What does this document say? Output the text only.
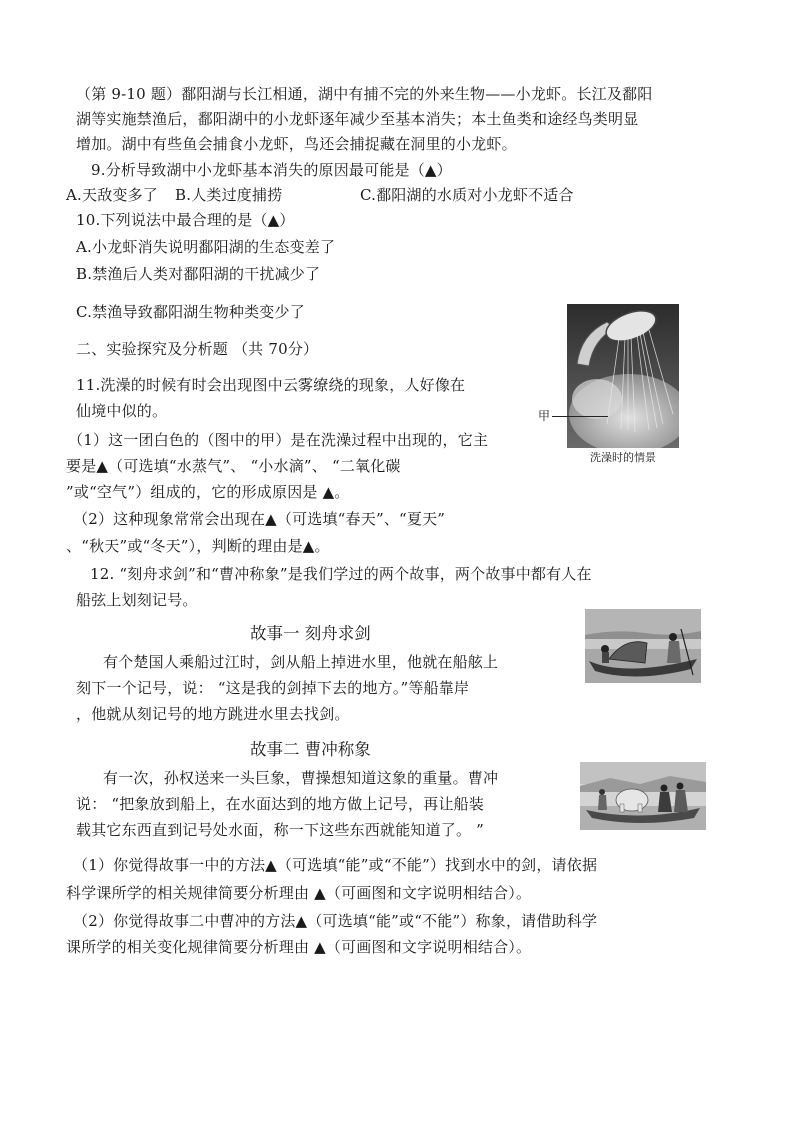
（第 9-10 题）鄱阳湖与长江相通，湖中有捕不完的外来生物——小龙虾。长江及鄱阳
湖等实施禁渔后，鄱阳湖中的小龙虾逐年减少至基本消失；本土鱼类和途经鸟类明显
增加。湖中有些鱼会捕食小龙虾，鸟还会捕捉藏在洞里的小龙虾。
9.分析导致湖中小龙虾基本消失的原因最可能是（▲）
A.天敌变多了 B.人类过度捕捞	C.鄱阳湖的水质对小龙虾不适合
10.下列说法中最合理的是（▲）
A.小龙虾消失说明鄱阳湖的生态变差了
B.禁渔后人类对鄱阳湖的干扰减少了
C.禁渔导致鄱阳湖生物种类变少了
二、实验探究及分析题 （共 70分）
11.洗澡的时候有时会出现图中云雾缭绕的现象，人好像在
仙境中似的。
（1）这一团白色的（图中的甲）是在洗澡过程中出现的，它主
要是▲（可选填“水蒸气”、 “小水滴”、 “二氧化碳
”或“空气”）组成的，它的形成原因是 ▲。
（2）这种现象常常会出现在▲（可选填“春天”、“夏天”
、“秋天”或“冬天”），判断的理由是▲。
甲
洗澡时的情景
12. “刻舟求剑”和“曹冲称象”是我们学过的两个故事，两个故事中都有人在
船弦上划刻记号。
故事一 刻舟求剑
有个楚国人乘船过江时，剑从船上掉进水里，他就在船舷上
刻下一个记号，说： “这是我的剑掉下去的地方。”等船靠岸
，他就从刻记号的地方跳进水里去找剑。
故事二 曹冲称象
有一次，孙权送来一头巨象，曹操想知道这象的重量。曹冲
说： “把象放到船上，在水面达到的地方做上记号，再让船装
载其它东西直到记号处水面，称一下这些东西就能知道了。 ”
（1）你觉得故事一中的方法▲（可选填“能”或“不能”）找到水中的剑，请依据
科学课所学的相关规律简要分析理由 ▲（可画图和文字说明相结合）。
（2）你觉得故事二中曹冲的方法▲（可选填“能”或“不能”）称象，请借助科学
课所学的相关变化规律简要分析理由 ▲（可画图和文字说明相结合）。
